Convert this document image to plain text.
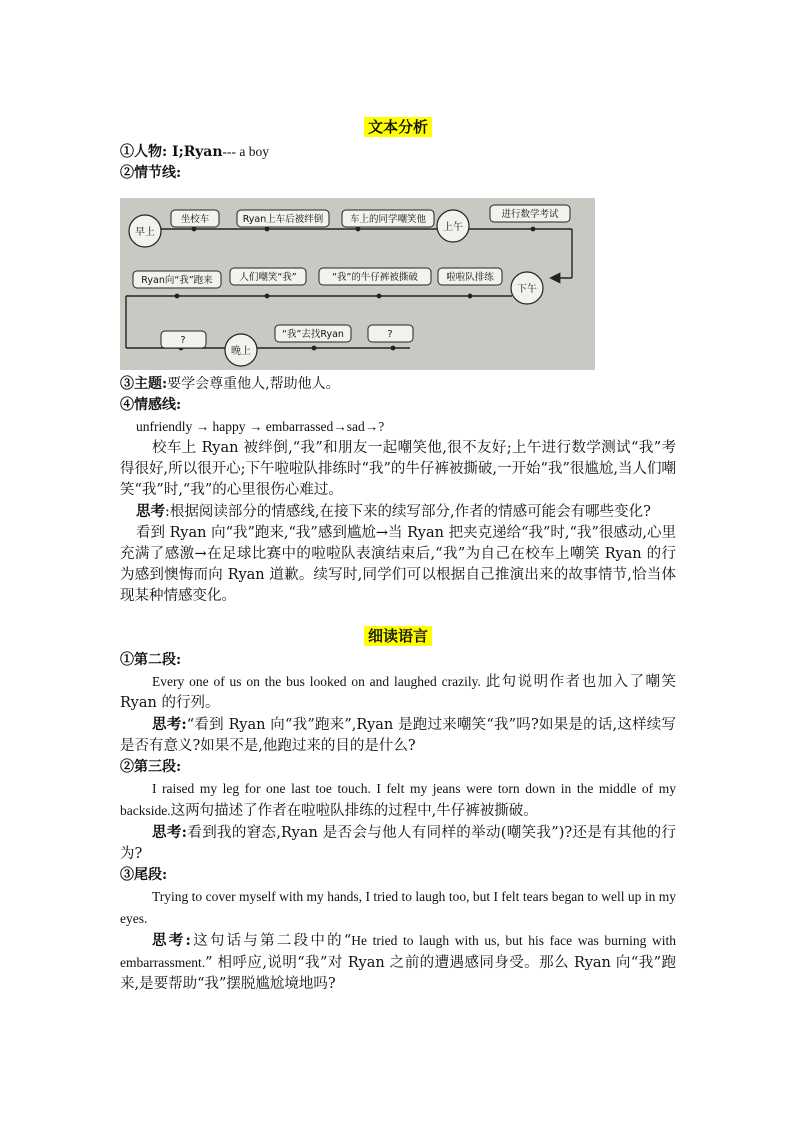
文本分析

①人物: I;Ryan--- a boy

②情节线:

坐校车	Ryan上车后被绊倒	车上的同学嘲笑他	进行数学考试
啦啦队排练
“我”的牛仔裤被撕破
人们嘲笑“我”
Ryan向“我”跑来
?
“我”去找Ryan	?
早上	上午
下午
晚上

③主题:要学会尊重他人,帮助他人。

④情感线:

unfriendly → happy → embarrassed→sad→?

校车上 Ryan 被绊倒,“我”和朋友一起嘲笑他,很不友好;上午进行数学测试“我”考得很好,所以很开心;下午啦啦队排练时“我”的牛仔裤被撕破,一开始“我”很尴尬,当人们嘲笑“我”时,“我”的心里很伤心难过。

思考:根据阅读部分的情感线,在接下来的续写部分,作者的情感可能会有哪些变化?

看到 Ryan 向“我”跑来,“我”感到尴尬→当 Ryan 把夹克递给“我”时,“我”很感动,心里充满了感激→在足球比赛中的啦啦队表演结束后,“我”为自己在校车上嘲笑 Ryan 的行为感到懊悔而向 Ryan 道歉。续写时,同学们可以根据自己推演出来的故事情节,恰当体现某种情感变化。

细读语言

①第二段:

Every one of us on the bus looked on and laughed crazily. 此句说明作者也加入了嘲笑 Ryan 的行列。

思考:“看到 Ryan 向“我”跑来”,Ryan 是跑过来嘲笑“我”吗?如果是的话,这样续写是否有意义?如果不是,他跑过来的目的是什么?

②第三段:

I raised my leg for one last toe touch. I felt my jeans were torn down in the middle of my backside.这两句描述了作者在啦啦队排练的过程中,牛仔裤被撕破。

思考:看到我的窘态,Ryan 是否会与他人有同样的举动(嘲笑我”)?还是有其他的行为?

③尾段:

Trying to cover myself with my hands, I tried to laugh too, but I felt tears began to well up in my eyes.

思考:这句话与第二段中的“He tried to laugh with us, but his face was burning with embarrassment.” 相呼应,说明“我”对 Ryan 之前的遭遇感同身受。那么 Ryan 向“我”跑来,是要帮助“我”摆脱尴尬境地吗?
